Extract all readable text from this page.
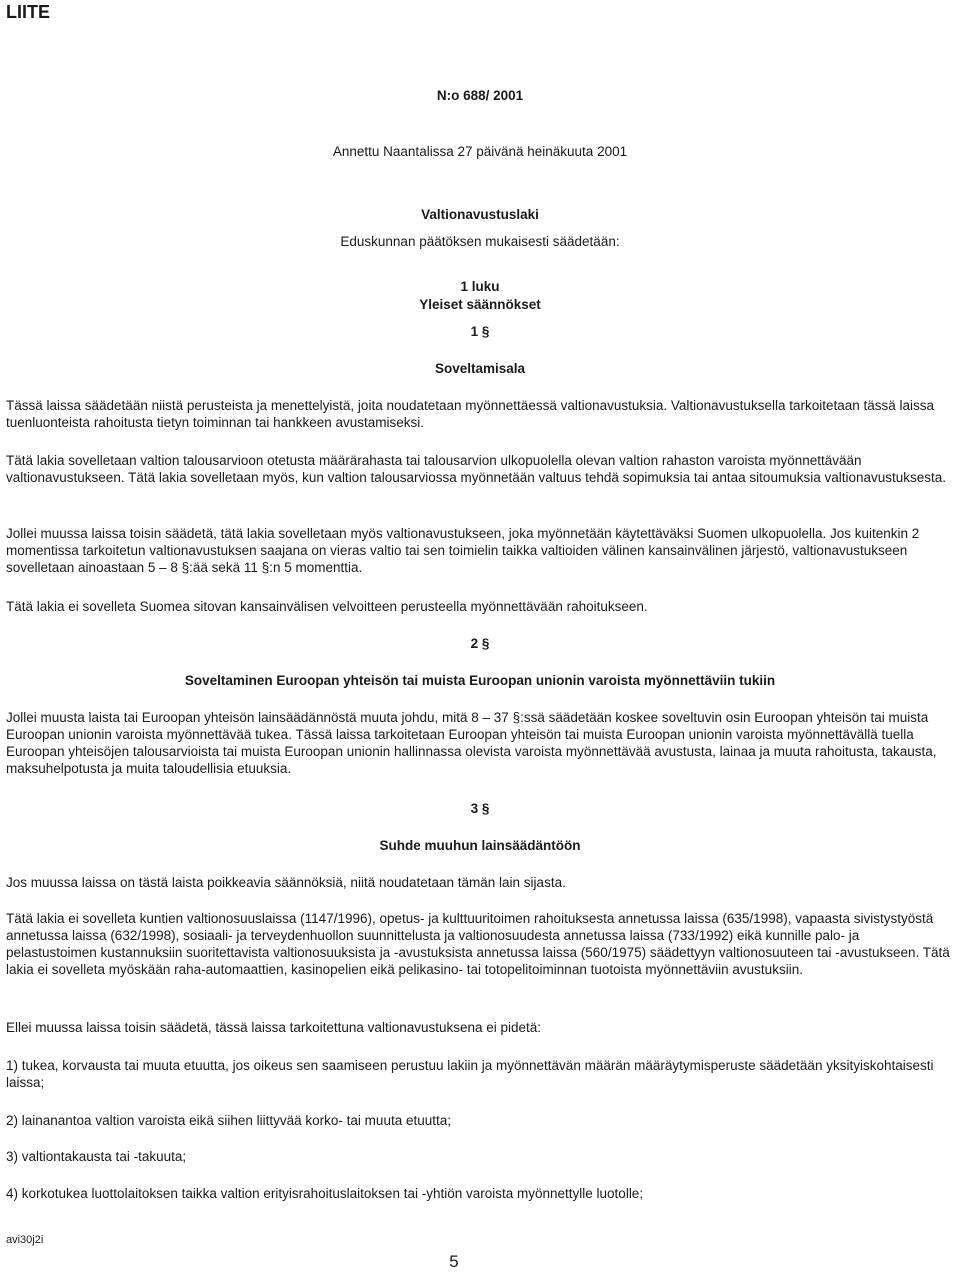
LIITE

N:o 688/ 2001

Annettu Naantalissa 27 päivänä heinäkuuta 2001

Valtionavustuslaki

Eduskunnan päätöksen mukaisesti säädetään:

1 luku

Yleiset säännökset

1 §

Soveltamisala

Tässä laissa säädetään niistä perusteista ja menettelyistä, joita noudatetaan myönnettäessä valtionavustuksia. Valtionavustuksella tarkoitetaan tässä laissa tuenluonteista rahoitusta tietyn toiminnan tai hankkeen avustamiseksi.

Tätä lakia sovelletaan valtion talousarvioon otetusta määrärahasta tai talousarvion ulkopuolella olevan valtion rahaston varoista myönnettävään valtionavustukseen. Tätä lakia sovelletaan myös, kun valtion talousarviossa myönnetään valtuus tehdä sopimuksia tai antaa sitoumuksia valtionavustuksesta.

Jollei muussa laissa toisin säädetä, tätä lakia sovelletaan myös valtionavustukseen, joka myönnetään käytettäväksi Suomen ulkopuolella. Jos kuitenkin 2 momentissa tarkoitetun valtionavustuksen saajana on vieras valtio tai sen toimielin taikka valtioiden välinen kansainvälinen järjestö, valtionavustukseen sovelletaan ainoastaan 5 – 8 §:ää sekä 11 §:n 5 momenttia.

Tätä lakia ei sovelleta Suomea sitovan kansainvälisen velvoitteen perusteella myönnettävään rahoitukseen.

2 §

Soveltaminen Euroopan yhteisön tai muista Euroopan unionin varoista myönnettäviin tukiin

Jollei muusta laista tai Euroopan yhteisön lainsäädännöstä muuta johdu, mitä 8 – 37 §:ssä säädetään koskee soveltuvin osin Euroopan yhteisön tai muista Euroopan unionin varoista myönnettävää tukea. Tässä laissa tarkoitetaan Euroopan yhteisön tai muista Euroopan unionin varoista myönnettävällä tuella Euroopan yhteisöjen talousarvioista tai muista Euroopan unionin hallinnassa olevista varoista myönnettävää avustusta, lainaa ja muuta rahoitusta, takausta, maksuhelpotusta ja muita taloudellisia etuuksia.

3 §

Suhde muuhun lainsäädäntöön

Jos muussa laissa on tästä laista poikkeavia säännöksiä, niitä noudatetaan tämän lain sijasta.

Tätä lakia ei sovelleta kuntien valtionosuuslaissa (1147/1996), opetus- ja kulttuuritoimen rahoituksesta annetussa laissa (635/1998), vapaasta sivistystyöstä annetussa laissa (632/1998), sosiaali- ja terveydenhuollon suunnittelusta ja valtionosuudesta annetussa laissa (733/1992) eikä kunnille palo- ja pelastustoimen kustannuksiin suoritettavista valtionosuuksista ja -avustuksista annetussa laissa (560/1975) säädettyyn valtionosuuteen tai -avustukseen. Tätä lakia ei sovelleta myöskään raha-automaattien, kasinopelien eikä pelikasino- tai totopelitoiminnan tuotoista myönnettäviin avustuksiin.

Ellei muussa laissa toisin säädetä, tässä laissa tarkoitettuna valtionavustuksena ei pidetä:

1) tukea, korvausta tai muuta etuutta, jos oikeus sen saamiseen perustuu lakiin ja myönnettävän määrän määräytymisperuste säädetään yksityiskohtaisesti laissa;

2) lainanantoa valtion varoista eikä siihen liittyvää korko- tai muuta etuutta;

3) valtiontakausta tai -takuuta;

4) korkotukea luottolaitoksen taikka valtion erityisrahoituslaitoksen tai -yhtiön varoista myönnettylle luotolle;

avi30j2i

5
